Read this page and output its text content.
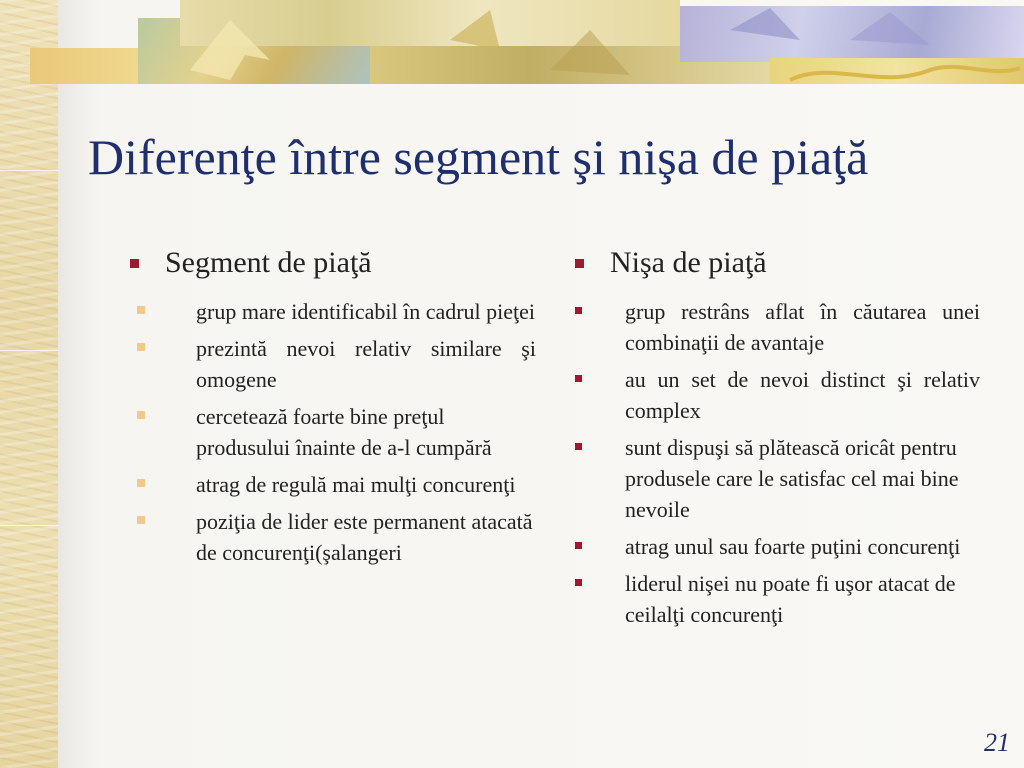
Diferenţe între segment şi nişa de piaţă
Segment de piaţă
grup mare identificabil în cadrul pieţei
prezintă nevoi relativ similare şi omogene
cercetează foarte bine preţul produsului înainte de a-l cumpără
atrag de regulă mai mulţi concurenţi
poziţia de lider este permanent atacată de concurenţi(şalangeri
Nişa de piaţă
grup restrâns aflat în căutarea unei combinaţii de avantaje
au un set de nevoi distinct şi relativ complex
sunt dispuşi să plătească oricât pentru produsele care le satisfac cel mai bine nevoile
atrag unul sau foarte puţini concurenţi
liderul nişei nu poate fi uşor atacat de ceilalţi concurenţi
21
